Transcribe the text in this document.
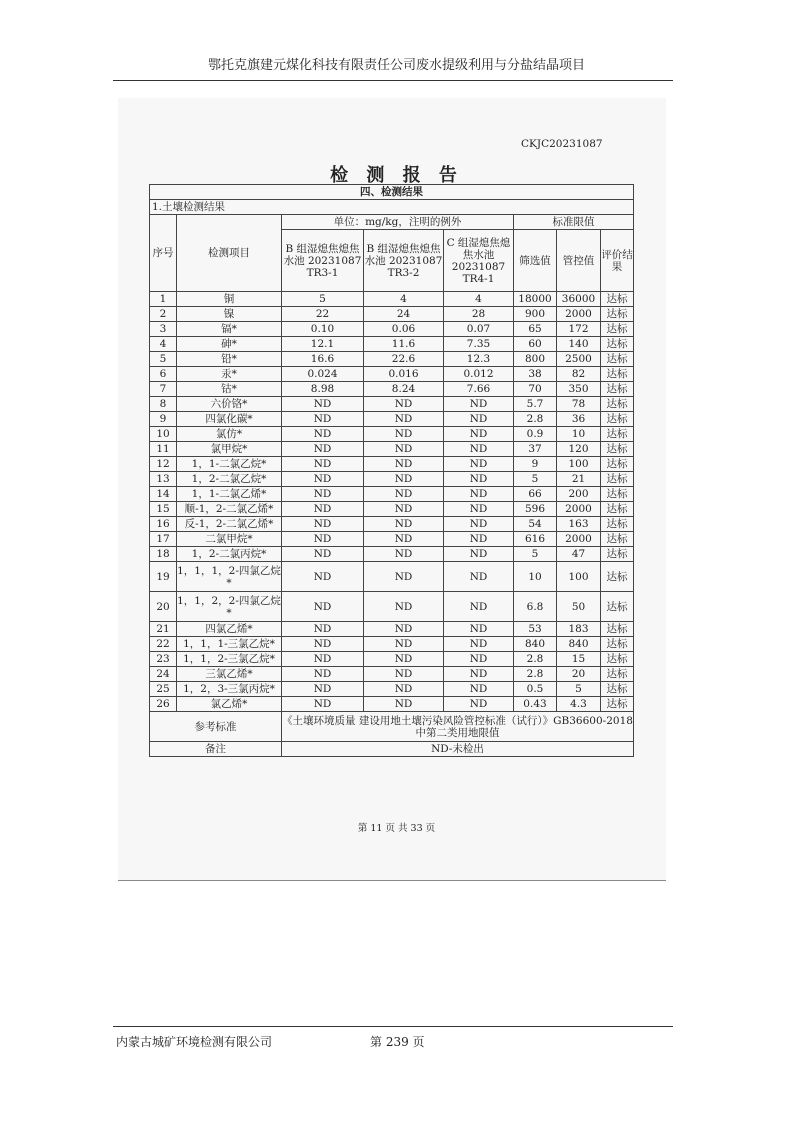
鄂托克旗建元煤化科技有限责任公司废水提级利用与分盐结晶项目
CKJC20231087
检 测 报 告
四、检测结果							
1.土壤检测结果							
序号	检测项目	单位：mg/kg，注明的例外			标准限值		
		B 组湿熄焦熄焦水池 20231087 TR3-1	B 组湿熄焦熄焦水池 20231087 TR3-2	C 组湿熄焦熄焦水池 20231087 TR4-1	筛选值	管控值	评价结果
1	铜	5	4	4	18000	36000	达标
2	镍	22	24	28	900	2000	达标
3	镉*	0.10	0.06	0.07	65	172	达标
4	砷*	12.1	11.6	7.35	60	140	达标
5	铅*	16.6	22.6	12.3	800	2500	达标
6	汞*	0.024	0.016	0.012	38	82	达标
7	钴*	8.98	8.24	7.66	70	350	达标
8	六价铬*	ND	ND	ND	5.7	78	达标
9	四氯化碳*	ND	ND	ND	2.8	36	达标
10	氯仿*	ND	ND	ND	0.9	10	达标
11	氯甲烷*	ND	ND	ND	37	120	达标
12	1，1-二氯乙烷*	ND	ND	ND	9	100	达标
13	1，2-二氯乙烷*	ND	ND	ND	5	21	达标
14	1，1-二氯乙烯*	ND	ND	ND	66	200	达标
15	顺-1，2-二氯乙烯*	ND	ND	ND	596	2000	达标
16	反-1，2-二氯乙烯*	ND	ND	ND	54	163	达标
17	二氯甲烷*	ND	ND	ND	616	2000	达标
18	1，2-二氯丙烷*	ND	ND	ND	5	47	达标
19	1，1，1，2-四氯乙烷*	ND	ND	ND	10	100	达标
20	1，1，2，2-四氯乙烷*	ND	ND	ND	6.8	50	达标
21	四氯乙烯*	ND	ND	ND	53	183	达标
22	1，1，1-三氯乙烷*	ND	ND	ND	840	840	达标
23	1，1，2-三氯乙烷*	ND	ND	ND	2.8	15	达标
24	三氯乙烯*	ND	ND	ND	2.8	20	达标
25	1，2，3-三氯丙烷*	ND	ND	ND	0.5	5	达标
26	氯乙烯*	ND	ND	ND	0.43	4.3	达标
参考标准		《土壤环境质量 建设用地土壤污染风险管控标准（试行）》GB36600-2018 中第二类用地限值					
备注		ND-未检出					
第 11 页 共 33 页
内蒙古城矿环境检测有限公司	第 239 页
